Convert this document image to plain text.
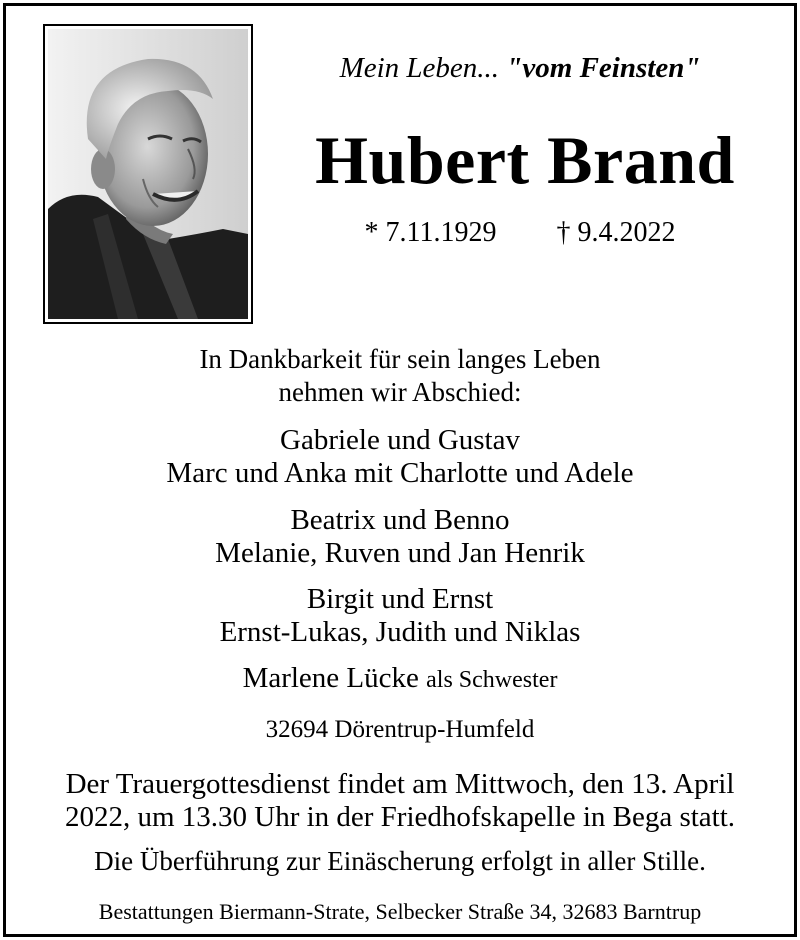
Mein Leben... "vom Feinsten"
Hubert Brand
* 7.11.1929 † 9.4.2022
In Dankbarkeit für sein langes Leben
nehmen wir Abschied:
Gabriele und Gustav
Marc und Anka mit Charlotte und Adele
Beatrix und Benno
Melanie, Ruven und Jan Henrik
Birgit und Ernst
Ernst-Lukas, Judith und Niklas
Marlene Lücke als Schwester
32694 Dörentrup-Humfeld
Der Trauergottesdienst findet am Mittwoch, den 13. April
2022, um 13.30 Uhr in der Friedhofskapelle in Bega statt.
Die Überführung zur Einäscherung erfolgt in aller Stille.
Bestattungen Biermann-Strate, Selbecker Straße 34, 32683 Barntrup
